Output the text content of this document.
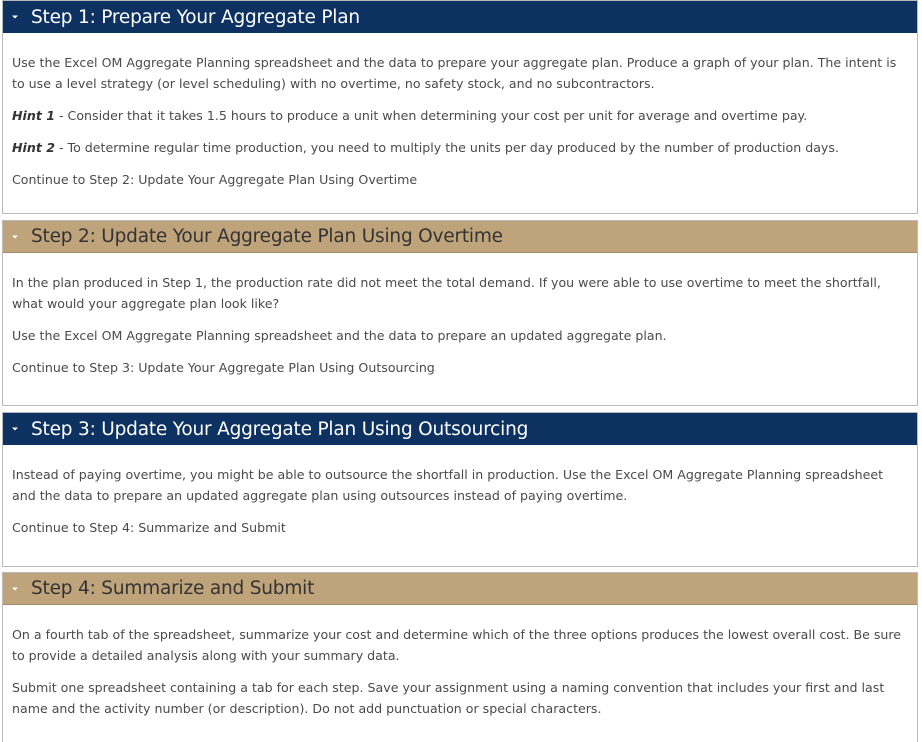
Step 1: Prepare Your Aggregate Plan

Use the Excel OM Aggregate Planning spreadsheet and the data to prepare your aggregate plan. Produce a graph of your plan. The intent is to use a level strategy (or level scheduling) with no overtime, no safety stock, and no subcontractors.

Hint 1 - Consider that it takes 1.5 hours to produce a unit when determining your cost per unit for average and overtime pay.

Hint 2 - To determine regular time production, you need to multiply the units per day produced by the number of production days.

Continue to Step 2: Update Your Aggregate Plan Using Overtime

Step 2: Update Your Aggregate Plan Using Overtime

In the plan produced in Step 1, the production rate did not meet the total demand. If you were able to use overtime to meet the shortfall, what would your aggregate plan look like?

Use the Excel OM Aggregate Planning spreadsheet and the data to prepare an updated aggregate plan.

Continue to Step 3: Update Your Aggregate Plan Using Outsourcing

Step 3: Update Your Aggregate Plan Using Outsourcing

Instead of paying overtime, you might be able to outsource the shortfall in production. Use the Excel OM Aggregate Planning spreadsheet and the data to prepare an updated aggregate plan using outsources instead of paying overtime.

Continue to Step 4: Summarize and Submit

Step 4: Summarize and Submit

On a fourth tab of the spreadsheet, summarize your cost and determine which of the three options produces the lowest overall cost. Be sure to provide a detailed analysis along with your summary data.

Submit one spreadsheet containing a tab for each step. Save your assignment using a naming convention that includes your first and last name and the activity number (or description). Do not add punctuation or special characters.
